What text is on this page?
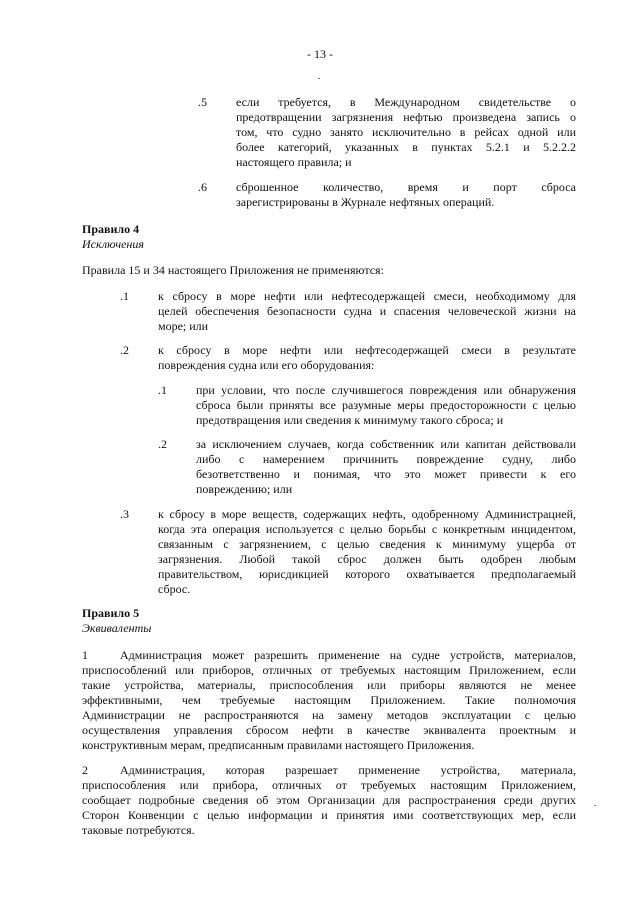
- 13 -
.5 если требуется, в Международном свидетельстве о
предотвращении загрязнения нефтью произведена запись о
том, что судно занято исключительно в рейсах одной или
более категорий, указанных в пунктах 5.2.1 и 5.2.2.2
настоящего правила; и
.6 сброшенное количество, время и порт сброса
зарегистрированы в Журнале нефтяных операций.
Правило 4
Исключения
Правила 15 и 34 настоящего Приложения не применяются:
.1 к сбросу в море нефти или нефтесодержащей смеси, необходимому для
целей обеспечения безопасности судна и спасения человеческой жизни на
море; или
.2 к сбросу в море нефти или нефтесодержащей смеси в результате
повреждения судна или его оборудования:
.1 при условии, что после случившегося повреждения или обнаружения
сброса были приняты все разумные меры предосторожности с целью
предотвращения или сведения к минимуму такого сброса; и
.2 за исключением случаев, когда собственник или капитан действовали
либо с намерением причинить повреждение судну, либо
безответственно и понимая, что это может привести к его
повреждению; или
.3 к сбросу в море веществ, содержащих нефть, одобренному Администрацией,
когда эта операция используется с целью борьбы с конкретным инцидентом,
связанным с загрязнением, с целью сведения к минимуму ущерба от
загрязнения. Любой такой сброс должен быть одобрен любым
правительством, юрисдикцией которого охватывается предполагаемый
сброс.
Правило 5
Эквиваленты
1	Администрация может разрешить применение на судне устройств, материалов,
приспособлений или приборов, отличных от требуемых настоящим Приложением, если
такие устройства, материалы, приспособления или приборы являются не менее
эффективными, чем требуемые настоящим Приложением. Такие полномочия
Администрации не распространяются на замену методов эксплуатации с целью
осуществления управления сбросом нефти в качестве эквивалента проектным и
конструктивным мерам, предписанным правилами настоящего Приложения.
2	Администрация, которая разрешает применение устройства, материала,
приспособления или прибора, отличных от требуемых настоящим Приложением,
сообщает подробные сведения об этом Организации для распространения среди других
Сторон Конвенции с целью информации и принятия ими соответствующих мер, если
таковые потребуются.
